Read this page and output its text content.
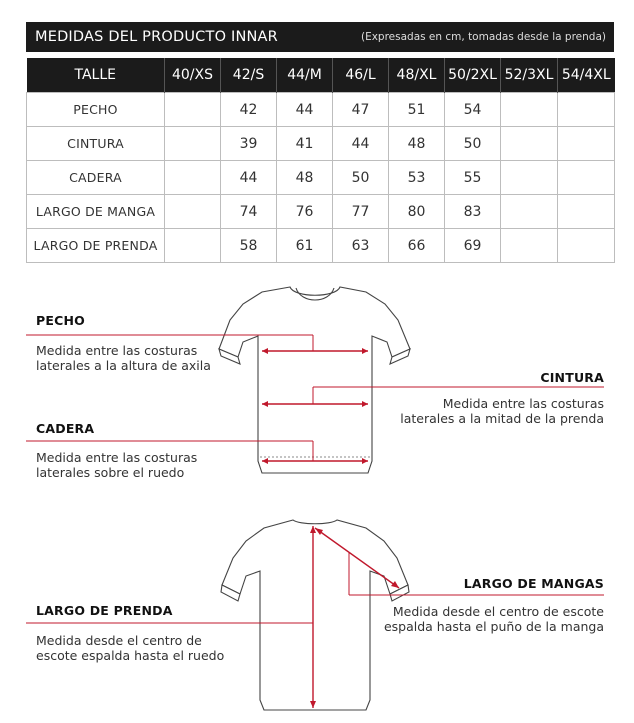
MEDIDAS DEL PRODUCTO INNAR	(Expresadas en cm, tomadas desde la prenda)
TALLE	40/XS	42/S	44/M	46/L	48/XL	50/2XL	52/3XL	54/4XL
PECHO		42	44	47	51	54		
CINTURA		39	41	44	48	50		
CADERA		44	48	50	53	55		
LARGO DE MANGA		74	76	77	80	83		
LARGO DE PRENDA		58	61	63	66	69		
PECHO
Medida entre las costuras
laterales a la altura de axila
CINTURA
Medida entre las costuras
laterales a la mitad de la prenda
CADERA
Medida entre las costuras
laterales sobre el ruedo
LARGO DE MANGAS
Medida desde el centro de escote
espalda hasta el puño de la manga
LARGO DE PRENDA
Medida desde el centro de
escote espalda hasta el ruedo
